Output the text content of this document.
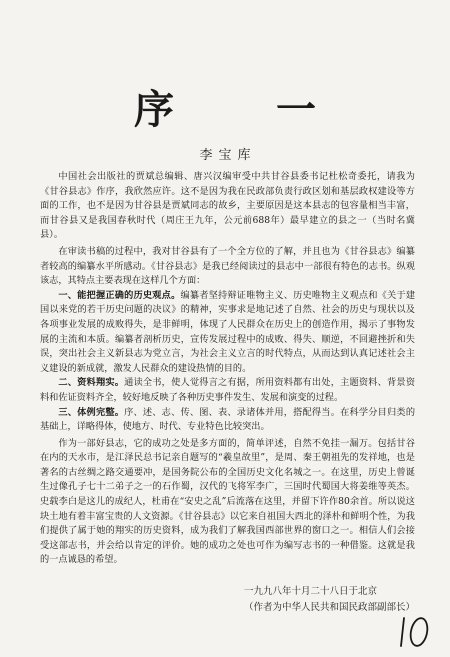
序 一
李宝库

中国社会出版社的贾斌总编辑、唐兴汉编审受中共甘谷县委书记杜松奇委托，请我为《甘谷县志》作序，我欣然应许。这不是因为我在民政部负责行政区划和基层政权建设等方面的工作，也不是因为甘谷县是贾斌同志的故乡，主要原因是这本县志的包容量相当丰富，而甘谷县又是我国春秋时代（周庄王九年，公元前688年）最早建立的县之一（当时名冀县）。

在审读书稿的过程中，我对甘谷县有了一个全方位的了解，并且也为《甘谷县志》编纂者较高的编纂水平所感动。《甘谷县志》是我已经阅读过的县志中一部很有特色的志书。纵观该志，其特点主要表现在这样几个方面：

一、能把握正确的历史观点。编纂者坚持辩证唯物主义、历史唯物主义观点和《关于建国以来党的若干历史问题的决议》的精神，实事求是地记述了自然、社会的历史与现状以及各项事业发展的成败得失，是非鲜明，体现了人民群众在历史上的创造作用，揭示了事物发展的主流和本质。编纂者剖析历史，宣传发展过程中的成败、得失、顺逆，不回避挫折和失误，突出社会主义新县志为党立言，为社会主义立言的时代特点，从而达到认真记述社会主义建设的新成就，激发人民群众的建设热情的目的。

二、资料翔实。通读全书，使人觉得言之有据，所用资料都有出处，主题资料、背景资料和佐证资料齐全，较好地反映了各种历史事件发生、发展和演变的过程。

三、体例完整。序、述、志、传、图、表、录诸体并用，搭配得当。在科学分目归类的基础上，详略得体，使地方、时代、专业特色比较突出。

作为一部好县志，它的成功之处是多方面的，简单评述，自然不免挂一漏万。包括甘谷在内的天水市，是江泽民总书记亲自题写的“羲皇故里”，是周、秦王朝祖先的发祥地，也是著名的古丝绸之路交通要冲，是国务院公布的全国历史文化名城之一。在这里，历史上曾诞生过像孔子七十二弟子之一的石作蜀，汉代的飞将军李广，三国时代蜀国大将姜维等英杰。史载李白是这儿的成纪人，杜甫在“安史之乱”后流落在这里，并留下许作80余首。所以说这块土地有着丰富宝贵的人文资源。《甘谷县志》以它来自祖国大西北的泽朴和鲜明个性，为我们提供了属于她的翔实的历史资料，成为我们了解我国西部世界的窗口之一。相信人们会接受这部志书，并会给以肯定的评价。她的成功之处也可作为编写志书的一种借鉴。这就是我的一点诚恳的希望。

一九九八年十月二十八日于北京
（作者为中华人民共和国民政部副部长）
